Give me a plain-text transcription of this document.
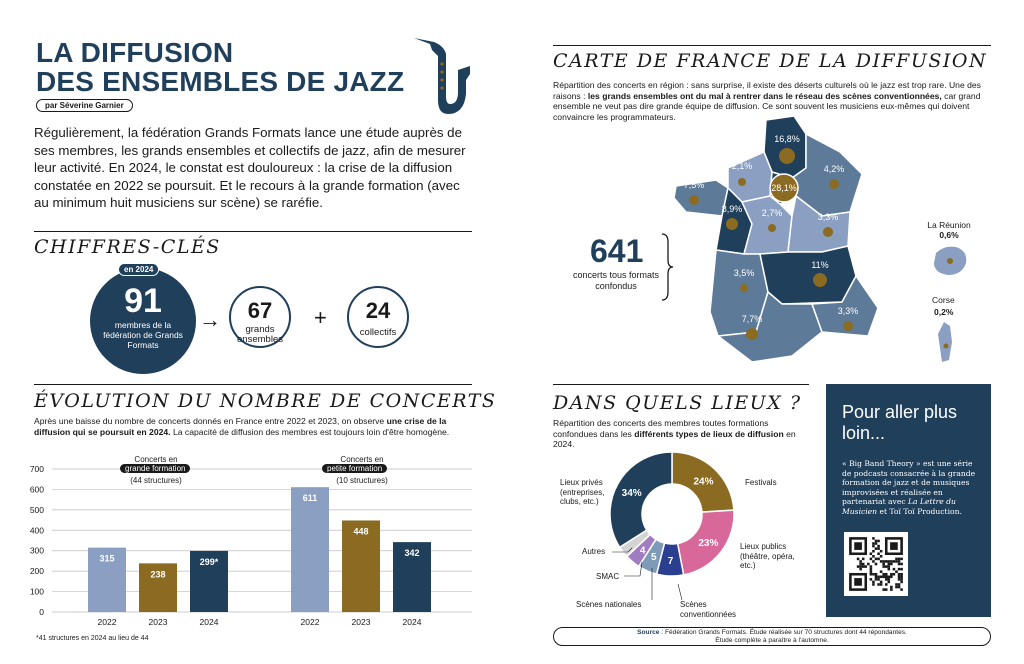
LA DIFFUSION
DES ENSEMBLES DE JAZZ
par Séverine Garnier
Régulièrement, la fédération Grands Formats lance une étude auprès de ses membres, les grands ensembles et collectifs de jazz, afin de mesurer leur activité. En 2024, le constat est douloureux : la crise de la diffusion constatée en 2022 se poursuit. Et le recours à la grande formation (avec au minimum huit musiciens sur scène) se raréfie.
CHIFFRES-CLÉS
91
membres de la fédération de Grands Formats
en 2024
→	67
grands ensembles
+	24
collectifs
ÉVOLUTION DU NOMBRE DE CONCERTS
Après une baisse du nombre de concerts donnés en France entre 2022 et 2023, on observe une crise de la diffusion qui se poursuit en 2024. La capacité de diffusion des membres est toujours loin d'être homogène.
0
100
200
300
400
500
600
700
315
2022
238
2023
299*
2024
611
2022
448
2023
342
2024
Concerts en
grande formation
(44 structures)
Concerts en
petite formation
(10 structures)
*41 structures en 2024 au lieu de 44
CARTE DE FRANCE DE LA DIFFUSION
Répartition des concerts en région : sans surprise, il existe des déserts culturels où le jazz est trop rare. Une des raisons : les grands ensembles ont du mal à rentrer dans le réseau des scènes conventionnées, car grand ensemble ne veut pas dire grande équipe de diffusion. Ce sont souvent les musiciens eux-mêmes qui doivent convaincre les programmateurs.
641
concerts tous formats confondus
16,8%
2,1%
28,1%
4,2%
7,5%
8,9% 2,7%	3,3%
3,5%
11%
7,7%
3,3%
La Réunion
0,6%
Corse
0,2%
DANS QUELS LIEUX ?
Répartition des concerts des membres toutes formations confondues dans les différents types de lieux de diffusion en 2024.
24%
23%
7
5
4
34%
Lieux privés (entreprises, clubs, etc.)
Festivals
Lieux publics (théâtre, opéra, etc.)
Autres
SMAC
Scènes nationales	Scènes conventionnées
Pour aller plus loin...
« Big Band Theory » est une série de podcasts consacrée à la grande formation de jazz et de musiques improvisées et réalisée en partenariat avec La Lettre du Musicien et Toï Toï Production.
Source : Fédération Grands Formats. Étude réalisée sur 70 structures dont 44 répondantes.
Étude complète à paraître à l'automne.
